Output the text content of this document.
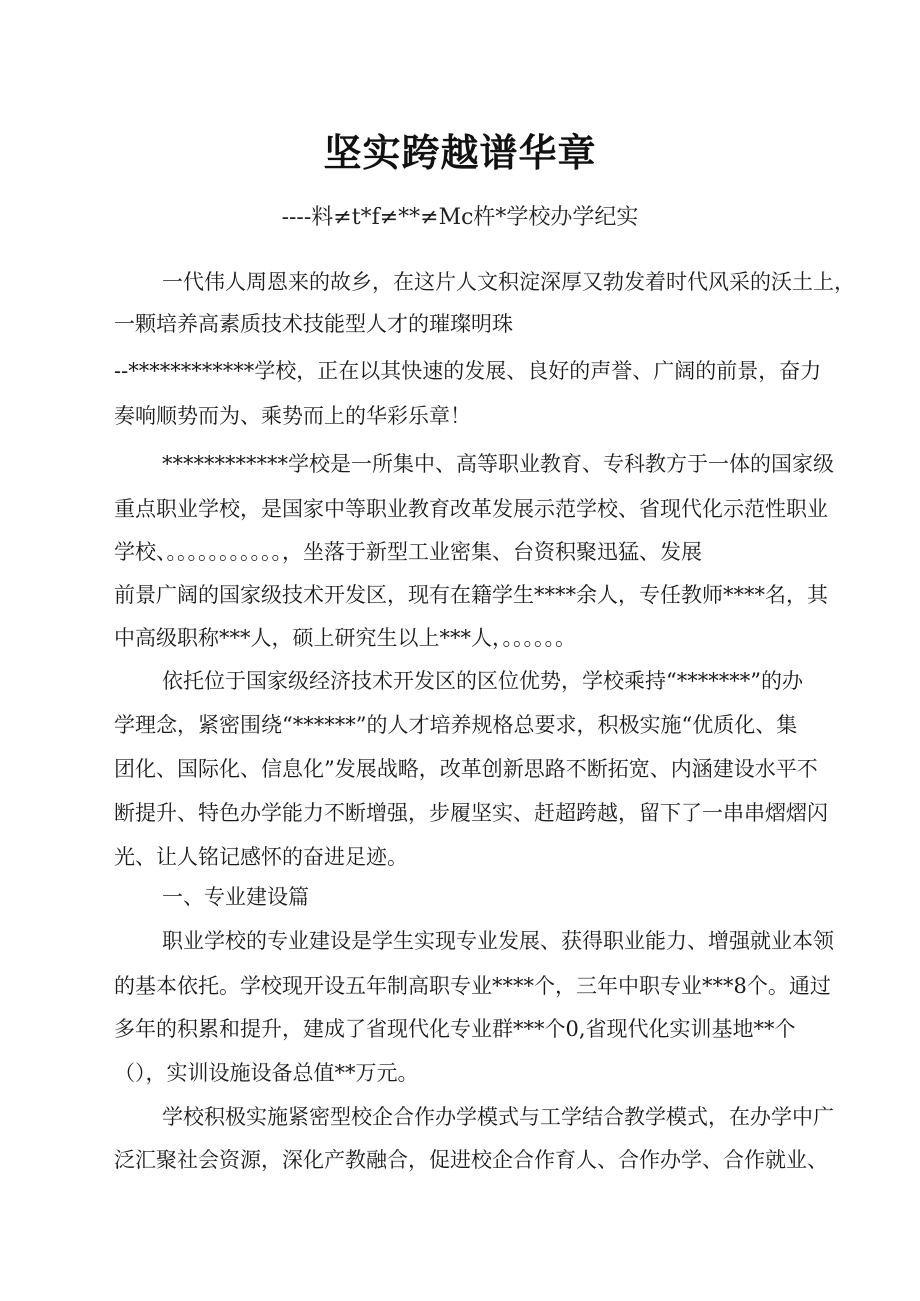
坚实跨越谱华章
----料≠t*f≠**≠Mc杵*学校办学纪实
一代伟人周恩来的故乡，在这片人文积淀深厚又勃发着时代风采的沃土上，
一颗培养高素质技术技能型人才的璀璨明珠
--************学校，正在以其快速的发展、良好的声誉、广阔的前景，奋力
奏响顺势而为、乘势而上的华彩乐章！
************学校是一所集中、高等职业教育、专科教方于一体的国家级
重点职业学校，是国家中等职业教育改革发展示范学校、省现代化示范性职业
学校、。。。。。。。。。。。，坐落于新型工业密集、台资积聚迅猛、发展
前景广阔的国家级技术开发区，现有在籍学生****余人，专任教师****名，其
中高级职称***人，硕上研究生以上***人，。。。。。。
依托位于国家级经济技术开发区的区位优势，学校乘持“*******”的办
学理念，紧密围绕“******”的人才培养规格总要求，积极实施“优质化、集
团化、国际化、信息化”发展战略，改革创新思路不断拓宽、内涵建设水平不
断提升、特色办学能力不断增强，步履坚实、赶超跨越，留下了一串串熠熠闪
光、让人铭记感怀的奋进足迹。
一、专业建设篇
职业学校的专业建设是学生实现专业发展、获得职业能力、增强就业本领
的基本依托。学校现开设五年制高职专业****个，三年中职专业***8个。通过
多年的积累和提升，建成了省现代化专业群***个0,省现代化实训基地**个
（），实训设施设备总值**万元。
学校积极实施紧密型校企合作办学模式与工学结合教学模式，在办学中广
泛汇聚社会资源，深化产教融合，促进校企合作育人、合作办学、合作就业、
